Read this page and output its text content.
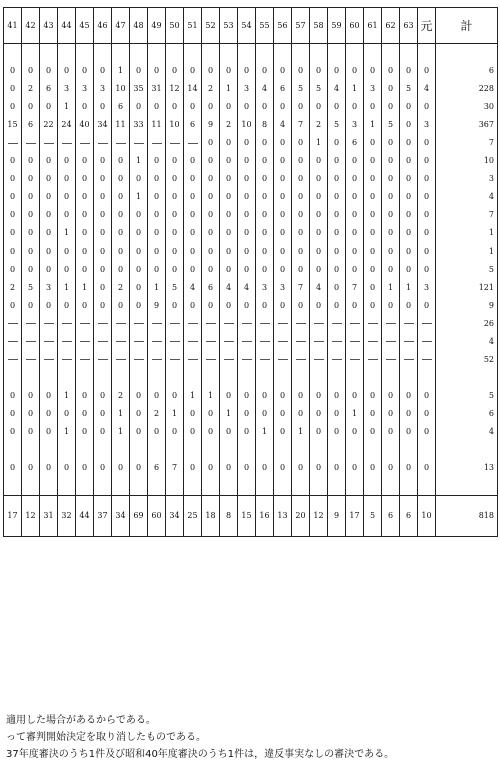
41	42	43	44	45	46	47	48	49	50	51	52	53	54	55	56	57	58	59	60	61	62	63	元	計

0	0	0	0	0	0	1	0	0	0	0	0	0	0	0	0	0	0	0	0	0	0	0	0	6
0	2	6	3	3	3	10	35	31	12	14	2	1	3	4	6	5	5	4	1	3	0	5	4	228
0	0	0	1	0	0	6	0	0	0	0	0	0	0	0	0	0	0	0	0	0	0	0	0	30
15	6	22	24	40	34	11	33	11	10	6	9	2	10	8	4	7	2	5	3	1	5	0	3	367
											0	0	0	0	0	0	1	0	6	0	0	0	0	7
0	0	0	0	0	0	0	1	0	0	0	0	0	0	0	0	0	0	0	0	0	0	0	0	10
0	0	0	0	0	0	0	0	0	0	0	0	0	0	0	0	0	0	0	0	0	0	0	0	3
0	0	0	0	0	0	0	1	0	0	0	0	0	0	0	0	0	0	0	0	0	0	0	0	4
0	0	0	0	0	0	0	0	0	0	0	0	0	0	0	0	0	0	0	0	0	0	0	0	7
0	0	0	1	0	0	0	0	0	0	0	0	0	0	0	0	0	0	0	0	0	0	0	0	1
0	0	0	0	0	0	0	0	0	0	0	0	0	0	0	0	0	0	0	0	0	0	0	0	1
0	0	0	0	0	0	0	0	0	0	0	0	0	0	0	0	0	0	0	0	0	0	0	0	5
2	5	3	1	1	0	2	0	1	5	4	6	4	4	3	3	7	4	0	7	0	1	1	3	121
0	0	0	0	0	0	0	0	9	0	0	0	0	0	0	0	0	0	0	0	0	0	0	0	9
																								26
																								4
																								52

0	0	0	1	0	0	2	0	0	0	1	1	0	0	0	0	0	0	0	0	0	0	0	0	5
0	0	0	0	0	0	1	0	2	1	0	0	1	0	0	0	0	0	0	1	0	0	0	0	6
0	0	0	1	0	0	1	0	0	0	0	0	0	0	1	0	1	0	0	0	0	0	0	0	4

0	0	0	0	0	0	0	0	6	7	0	0	0	0	0	0	0	0	0	0	0	0	0	0	13

17	12	31	32	44	37	34	69	60	34	25	18	8	15	16	13	20	12	9	17	5	6	6	10	818
適用した場合があるからである。
って審判開始決定を取り消したものである。
37年度審決のうち1件及び昭和40年度審決のうち1件は，違反事実なしの審決である。
